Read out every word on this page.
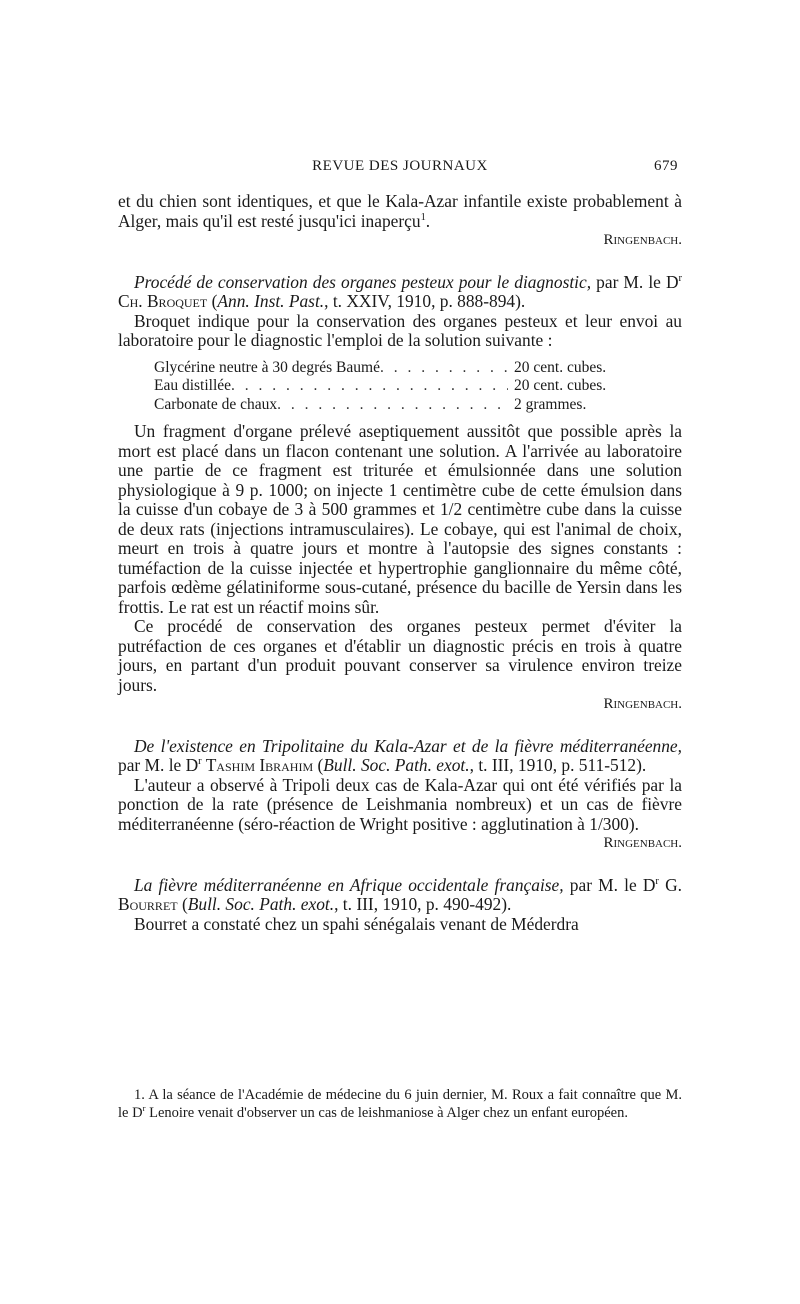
REVUE DES JOURNAUX	679

et du chien sont identiques, et que le Kala-Azar infantile existe probablement à Alger, mais qu'il est resté jusqu'ici inaperçu$^1$.

Ringenbach.

Procédé de conservation des organes pesteux pour le diagnostic, par M. le $D^r$ Ch. Broquet (Ann. Inst. Past., t. XXIV, 1910, p. 888-894).

Broquet indique pour la conservation des organes pesteux et leur envoi au laboratoire pour le diagnostic l'emploi de la solution suivante :

Glycérine neutre à 30 degrés Baumé . . .	20 cent. cubes.
Eau distillée . . .	20 cent. cubes.
Carbonate de chaux . . .	2 grammes.

Un fragment d'organe prélevé aseptiquement aussitôt que possible après la mort est placé dans un flacon contenant une solution. A l'arrivée au laboratoire une partie de ce fragment est triturée et émulsionnée dans une solution physiologique à 9 p. 1000; on injecte 1 centimètre cube de cette émulsion dans la cuisse d'un cobaye de 3 à 500 grammes et 1/2 centimètre cube dans la cuisse de deux rats (injections intramusculaires). Le cobaye, qui est l'animal de choix, meurt en trois à quatre jours et montre à l'autopsie des signes constants : tuméfaction de la cuisse injectée et hypertrophie ganglionnaire du même côté, parfois œdème gélatiniforme sous-cutané, présence du bacille de Yersin dans les frottis. Le rat est un réactif moins sûr.

Ce procédé de conservation des organes pesteux permet d'éviter la putréfaction de ces organes et d'établir un diagnostic précis en trois à quatre jours, en partant d'un produit pouvant conserver sa virulence environ treize jours.

Ringenbach.

De l'existence en Tripolitaine du Kala-Azar et de la fièvre méditerranéenne, par M. le $D^r$ Tashim Ibrahim (Bull. Soc. Path. exot., t. III, 1910, p. 511-512).

L'auteur a observé à Tripoli deux cas de Kala-Azar qui ont été vérifiés par la ponction de la rate (présence de Leishmania nombreux) et un cas de fièvre méditerranéenne (séro-réaction de Wright positive : agglutination à 1/300).

Ringenbach.

La fièvre méditerranéenne en Afrique occidentale française, par M. le $D^r$ G. Bourret (Bull. Soc. Path. exot., t. III, 1910, p. 490-492).

Bourret a constaté chez un spahi sénégalais venant de Méderdra

1. A la séance de l'Académie de médecine du 6 juin dernier, M. Roux a fait connaître que M. le $D^r$ Lenoire venait d'observer un cas de leishmaniose à Alger chez un enfant européen.
